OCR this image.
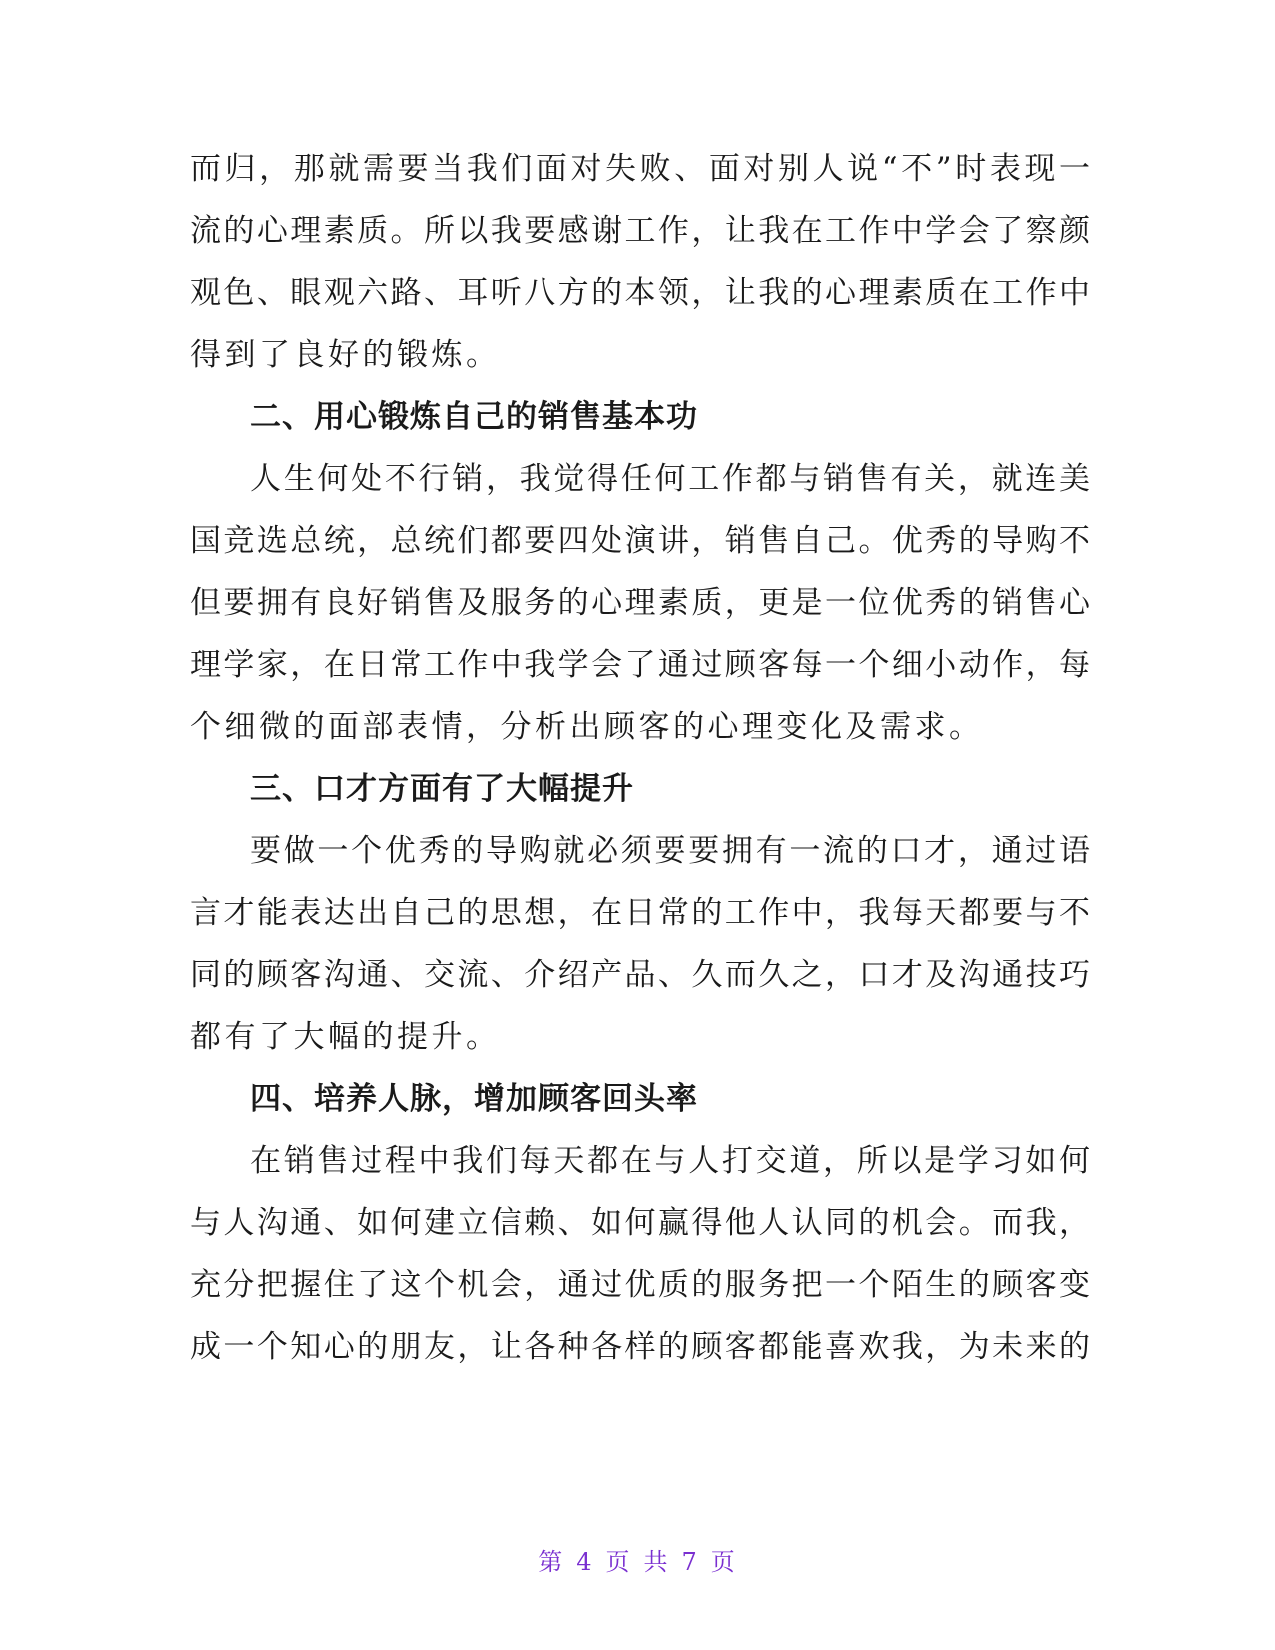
而归，那就需要当我们面对失败、面对别人说“不”时表现一
流的心理素质。所以我要感谢工作，让我在工作中学会了察颜
观色、眼观六路、耳听八方的本领，让我的心理素质在工作中
得到了良好的锻炼。
二、用心锻炼自己的销售基本功
人生何处不行销，我觉得任何工作都与销售有关，就连美
国竞选总统，总统们都要四处演讲，销售自己。优秀的导购不
但要拥有良好销售及服务的心理素质，更是一位优秀的销售心
理学家，在日常工作中我学会了通过顾客每一个细小动作，每
个细微的面部表情，分析出顾客的心理变化及需求。
三、口才方面有了大幅提升
要做一个优秀的导购就必须要要拥有一流的口才，通过语
言才能表达出自己的思想，在日常的工作中，我每天都要与不
同的顾客沟通、交流、介绍产品、久而久之，口才及沟通技巧
都有了大幅的提升。
四、培养人脉，增加顾客回头率
在销售过程中我们每天都在与人打交道，所以是学习如何
与人沟通、如何建立信赖、如何赢得他人认同的机会。而我，
充分把握住了这个机会，通过优质的服务把一个陌生的顾客变
成一个知心的朋友，让各种各样的顾客都能喜欢我，为未来的
第 4 页 共 7 页
